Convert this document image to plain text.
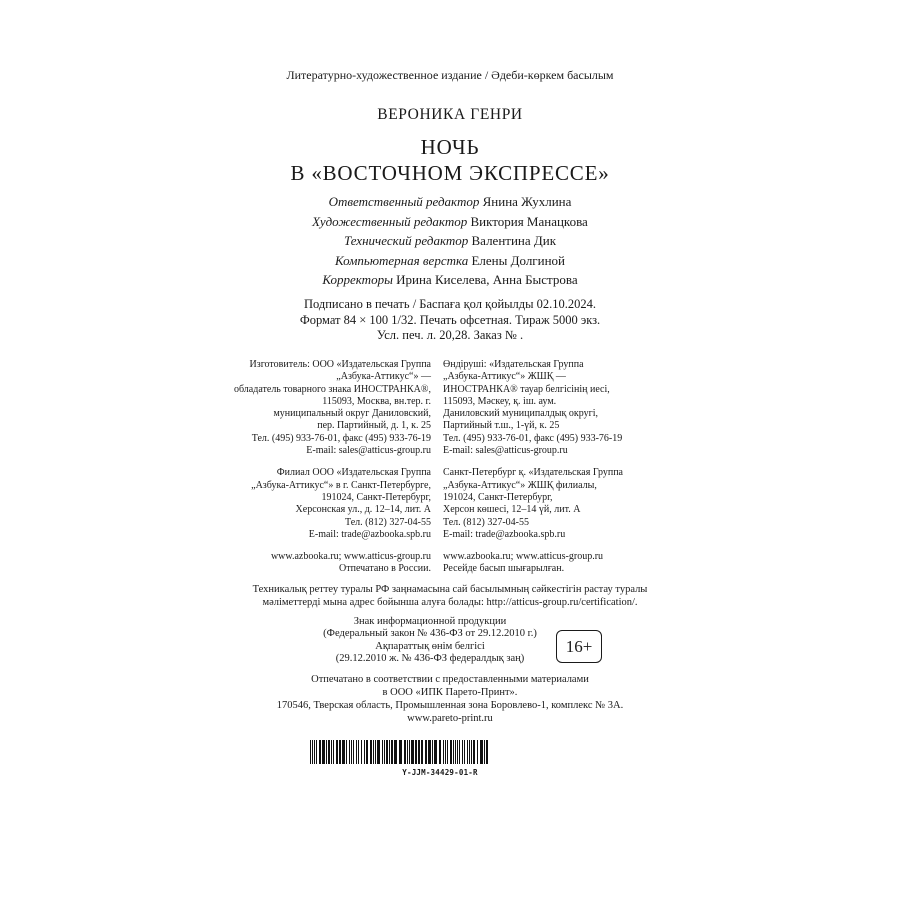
Литературно-художественное издание / Әдеби-көркем басылым
ВЕРОНИКА ГЕНРИ
НОЧЬ
В «ВОСТОЧНОМ ЭКСПРЕССЕ»
Ответственный редактор Янина Жухлина
Художественный редактор Виктория Манацкова
Технический редактор Валентина Дик
Компьютерная верстка Елены Долгиной
Корректоры Ирина Киселева, Анна Быстрова
Подписано в печать / Баспаға қол қойылды 02.10.2024.
Формат 84 × 100 1/32. Печать офсетная. Тираж 5000 экз.
Усл. печ. л. 20,28. Заказ № .
Изготовитель: ООО «Издательская Группа
„Азбука-Аттикус“» —
обладатель товарного знака ИНОСТРАНКА®,
115093, Москва, вн.тер. г.
муниципальный округ Даниловский,
пер. Партийный, д. 1, к. 25
Тел. (495) 933-76-01, факс (495) 933-76-19
E-mail: sales@atticus-group.ru
Филиал ООО «Издательская Группа
„Азбука-Аттикус“» в г. Санкт-Петербурге,
191024, Санкт-Петербург,
Херсонская ул., д. 12–14, лит. А
Тел. (812) 327-04-55
E-mail: trade@azbooka.spb.ru
www.azbooka.ru; www.atticus-group.ru
Отпечатано в России.
Өндіруші: «Издательская Группа
„Азбука-Аттикус“» ЖШҚ —
ИНОСТРАНКА® тауар белгісінің иесі,
115093, Мәскеу, қ. іш. аум.
Даниловский муниципалдық округі,
Партийный т.ш., 1-үй, к. 25
Тел. (495) 933-76-01, факс (495) 933-76-19
E-mail: sales@atticus-group.ru
Санкт-Петербург қ. «Издательская Группа
„Азбука-Аттикус“» ЖШҚ филиалы,
191024, Санкт-Петербург,
Херсон көшесі, 12–14 үй, лит. А
Тел. (812) 327-04-55
E-mail: trade@azbooka.spb.ru
www.azbooka.ru; www.atticus-group.ru
Ресейде басып шығарылған.
Техникалық реттеу туралы РФ заңнамасына сай басылымның сәйкестігін растау туралы
мәліметтерді мына адрес бойынша алуға болады: http://atticus-group.ru/certification/.
Знак информационной продукции
(Федеральный закон № 436-ФЗ от 29.12.2010 г.)
Ақпараттық өнім белгісі
(29.12.2010 ж. № 436-ФЗ федералдық заң)
16+
Отпечатано в соответствии с предоставленными материалами
в ООО «ИПК Парето-Принт».
170546, Тверская область, Промышленная зона Боровлево-1, комплекс № 3А.
www.pareto-print.ru
Y-JJM-34429-01-R
